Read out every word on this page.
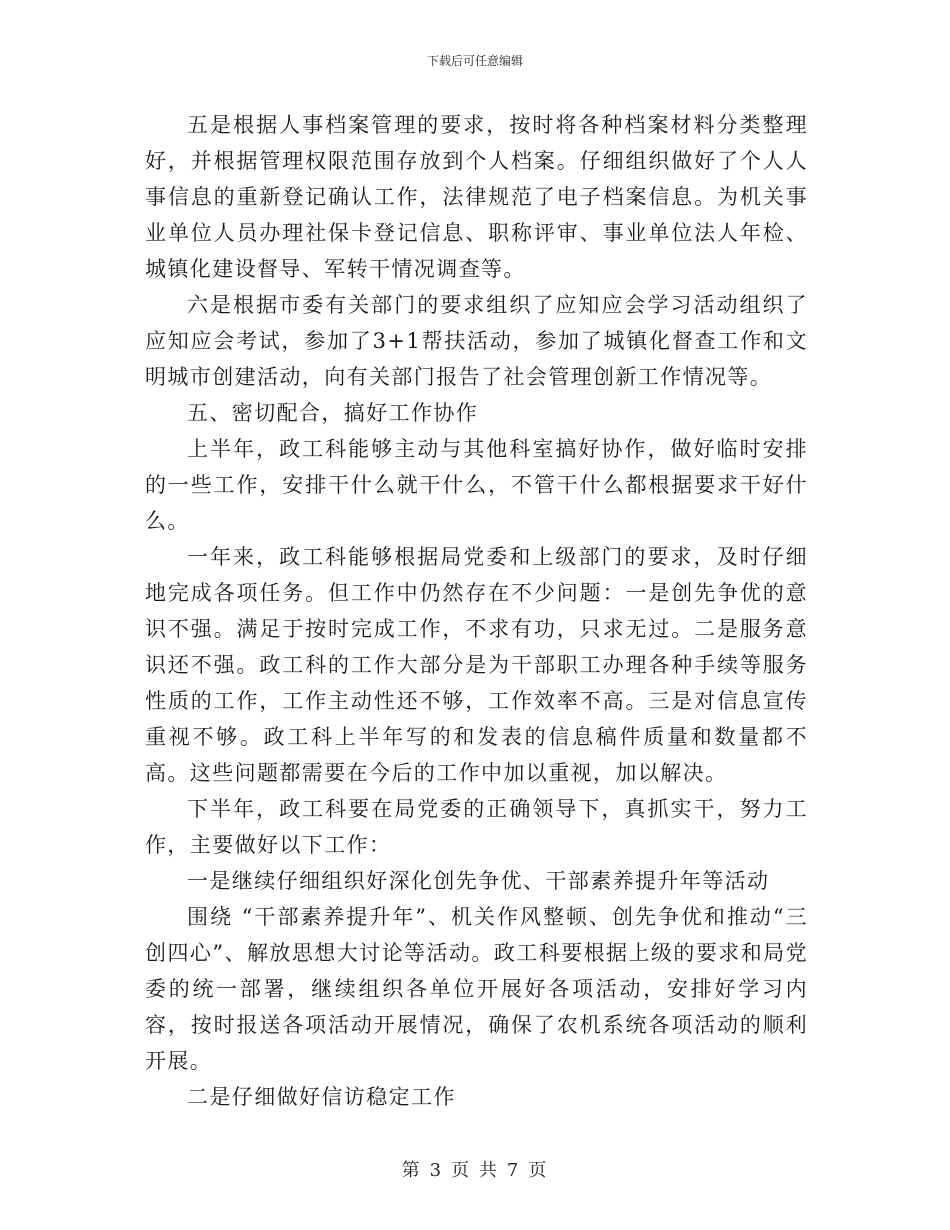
下载后可任意编辑

五是根据人事档案管理的要求，按时将各种档案材料分类整理好，并根据管理权限范围存放到个人档案。仔细组织做好了个人人事信息的重新登记确认工作，法律规范了电子档案信息。为机关事业单位人员办理社保卡登记信息、职称评审、事业单位法人年检、城镇化建设督导、军转干情况调查等。

六是根据市委有关部门的要求组织了应知应会学习活动组织了应知应会考试，参加了3+1帮扶活动，参加了城镇化督查工作和文明城市创建活动，向有关部门报告了社会管理创新工作情况等。

五、密切配合，搞好工作协作

上半年，政工科能够主动与其他科室搞好协作，做好临时安排的一些工作，安排干什么就干什么，不管干什么都根据要求干好什么。

一年来，政工科能够根据局党委和上级部门的要求，及时仔细地完成各项任务。但工作中仍然存在不少问题：一是创先争优的意识不强。满足于按时完成工作，不求有功，只求无过。二是服务意识还不强。政工科的工作大部分是为干部职工办理各种手续等服务性质的工作，工作主动性还不够，工作效率不高。三是对信息宣传重视不够。政工科上半年写的和发表的信息稿件质量和数量都不高。这些问题都需要在今后的工作中加以重视，加以解决。

下半年，政工科要在局党委的正确领导下，真抓实干，努力工作，主要做好以下工作：

一是继续仔细组织好深化创先争优、干部素养提升年等活动

围绕 “干部素养提升年”、机关作风整顿、创先争优和推动“三创四心”、解放思想大讨论等活动。政工科要根据上级的要求和局党委的统一部署，继续组织各单位开展好各项活动，安排好学习内容，按时报送各项活动开展情况，确保了农机系统各项活动的顺利开展。

二是仔细做好信访稳定工作

第 3 页 共 7 页
